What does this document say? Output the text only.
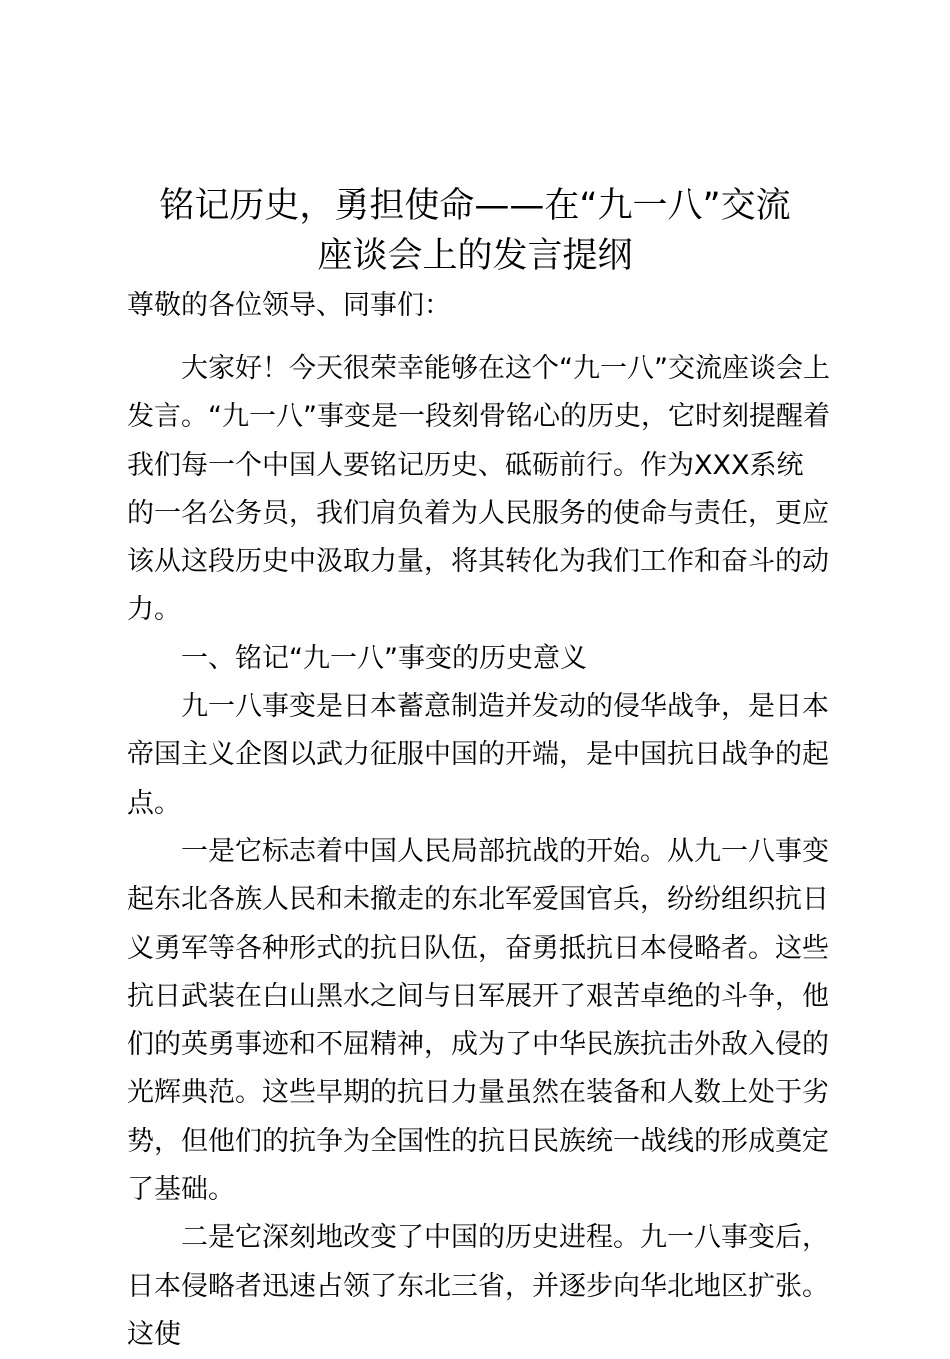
铭记历史，勇担使命——在“九一八”交流
座谈会上的发言提纲

尊敬的各位领导、同事们：

大家好！今天很荣幸能够在这个“九一八”交流座谈会上发言。“九一八”事变是一段刻骨铭心的历史，它时刻提醒着我们每一个中国人要铭记历史、砥砺前行。作为XXX系统的一名公务员，我们肩负着为人民服务的使命与责任，更应该从这段历史中汲取力量，将其转化为我们工作和奋斗的动力。

一、铭记“九一八”事变的历史意义

九一八事变是日本蓄意制造并发动的侵华战争，是日本帝国主义企图以武力征服中国的开端，是中国抗日战争的起点。

一是它标志着中国人民局部抗战的开始。从九一八事变起东北各族人民和未撤走的东北军爱国官兵，纷纷组织抗日义勇军等各种形式的抗日队伍，奋勇抵抗日本侵略者。这些抗日武装在白山黑水之间与日军展开了艰苦卓绝的斗争，他们的英勇事迹和不屈精神，成为了中华民族抗击外敌入侵的光辉典范。这些早期的抗日力量虽然在装备和人数上处于劣势，但他们的抗争为全国性的抗日民族统一战线的形成奠定了基础。

二是它深刻地改变了中国的历史进程。九一八事变后，日本侵略者迅速占领了东北三省，并逐步向华北地区扩张。这使
